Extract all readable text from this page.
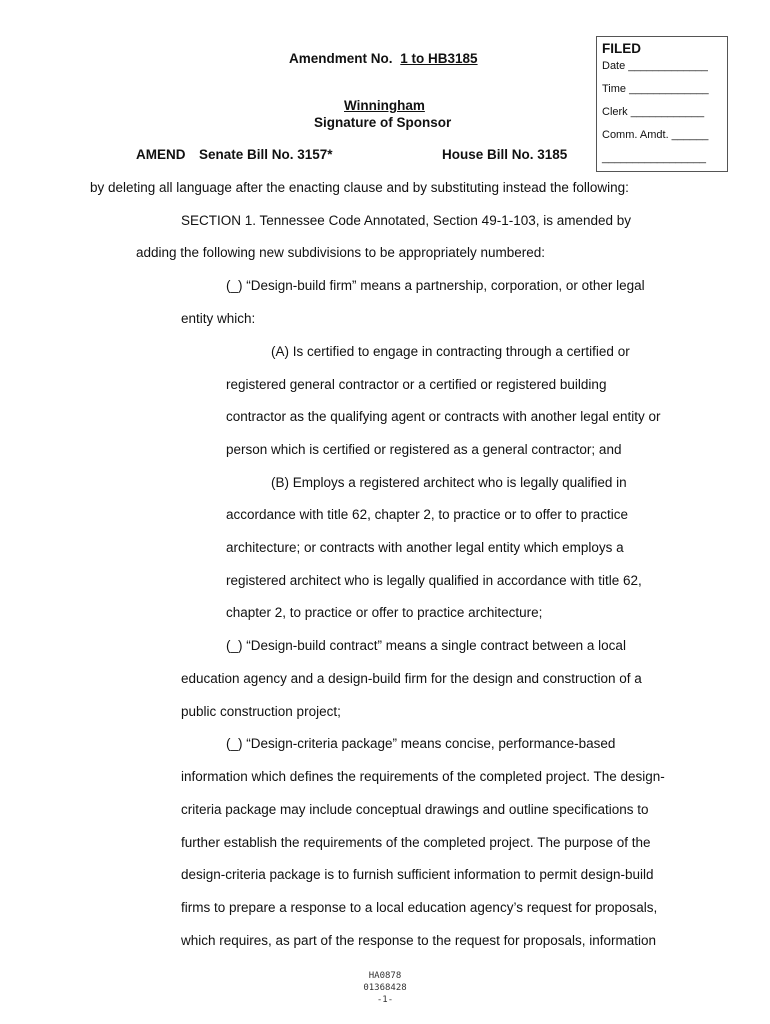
Amendment No. 1 to HB3185
Winningham
Signature of Sponsor
AMEND Senate Bill No. 3157*	House Bill No. 3185
FILED
Date _____________
Time _____________
Clerk ____________
Comm. Amdt. ______
_________________
by deleting all language after the enacting clause and by substituting instead the following:
SECTION 1. Tennessee Code Annotated, Section 49-1-103, is amended by
adding the following new subdivisions to be appropriately numbered:
(_) “Design-build firm” means a partnership, corporation, or other legal
entity which:
(A) Is certified to engage in contracting through a certified or
registered general contractor or a certified or registered building
contractor as the qualifying agent or contracts with another legal entity or
person which is certified or registered as a general contractor; and
(B) Employs a registered architect who is legally qualified in
accordance with title 62, chapter 2, to practice or to offer to practice
architecture; or contracts with another legal entity which employs a
registered architect who is legally qualified in accordance with title 62,
chapter 2, to practice or offer to practice architecture;
(_) “Design-build contract” means a single contract between a local
education agency and a design-build firm for the design and construction of a
public construction project;
(_) “Design-criteria package” means concise, performance-based
information which defines the requirements of the completed project. The design-
criteria package may include conceptual drawings and outline specifications to
further establish the requirements of the completed project. The purpose of the
design-criteria package is to furnish sufficient information to permit design-build
firms to prepare a response to a local education agency’s request for proposals,
which requires, as part of the response to the request for proposals, information
HA0878
01368428
-1-
